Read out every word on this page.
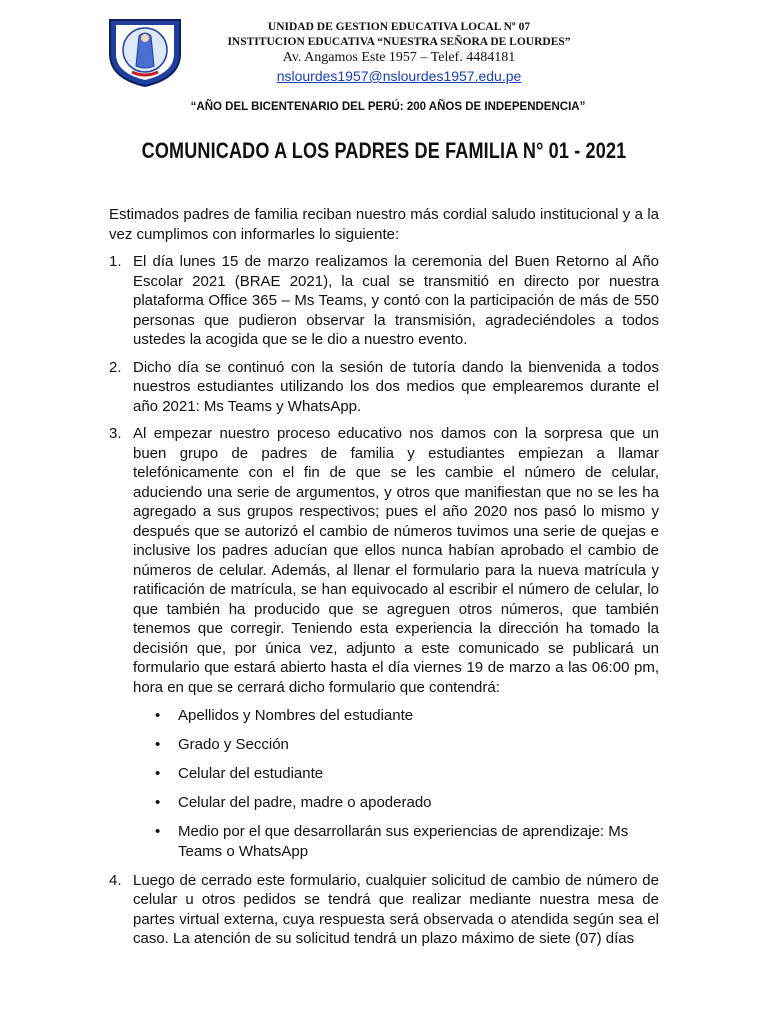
UNIDAD DE GESTION EDUCATIVA LOCAL Nº 07
INSTITUCION EDUCATIVA “NUESTRA SEÑORA DE LOURDES”
Av. Angamos Este 1957 – Telef. 4484181
nslourdes1957@nslourdes1957.edu.pe
“AÑO DEL BICENTENARIO DEL PERÚ: 200 AÑOS DE INDEPENDENCIA”
COMUNICADO A LOS PADRES DE FAMILIA N° 01 - 2021

Estimados padres de familia reciban nuestro más cordial saludo institucional y a la vez cumplimos con informarles lo siguiente:

1. El día lunes 15 de marzo realizamos la ceremonia del Buen Retorno al Año Escolar 2021 (BRAE 2021), la cual se transmitió en directo por nuestra plataforma Office 365 – Ms Teams, y contó con la participación de más de 550 personas que pudieron observar la transmisión, agradeciéndoles a todos ustedes la acogida que se le dio a nuestro evento.
2. Dicho día se continuó con la sesión de tutoría dando la bienvenida a todos nuestros estudiantes utilizando los dos medios que emplearemos durante el año 2021: Ms Teams y WhatsApp.
3. Al empezar nuestro proceso educativo nos damos con la sorpresa que un buen grupo de padres de familia y estudiantes empiezan a llamar telefónicamente con el fin de que se les cambie el número de celular, aduciendo una serie de argumentos, y otros que manifiestan que no se les ha agregado a sus grupos respectivos; pues el año 2020 nos pasó lo mismo y después que se autorizó el cambio de números tuvimos una serie de quejas e inclusive los padres aducían que ellos nunca habían aprobado el cambio de números de celular. Además, al llenar el formulario para la nueva matrícula y ratificación de matrícula, se han equivocado al escribir el número de celular, lo que también ha producido que se agreguen otros números, que también tenemos que corregir. Teniendo esta experiencia la dirección ha tomado la decisión que, por única vez, adjunto a este comunicado se publicará un formulario que estará abierto hasta el día viernes 19 de marzo a las 06:00 pm, hora en que se cerrará dicho formulario que contendrá:
• Apellidos y Nombres del estudiante
• Grado y Sección
• Celular del estudiante
• Celular del padre, madre o apoderado
• Medio por el que desarrollarán sus experiencias de aprendizaje: Ms Teams o WhatsApp
4. Luego de cerrado este formulario, cualquier solicitud de cambio de número de celular u otros pedidos se tendrá que realizar mediante nuestra mesa de partes virtual externa, cuya respuesta será observada o atendida según sea el caso. La atención de su solicitud tendrá un plazo máximo de siete (07) días
